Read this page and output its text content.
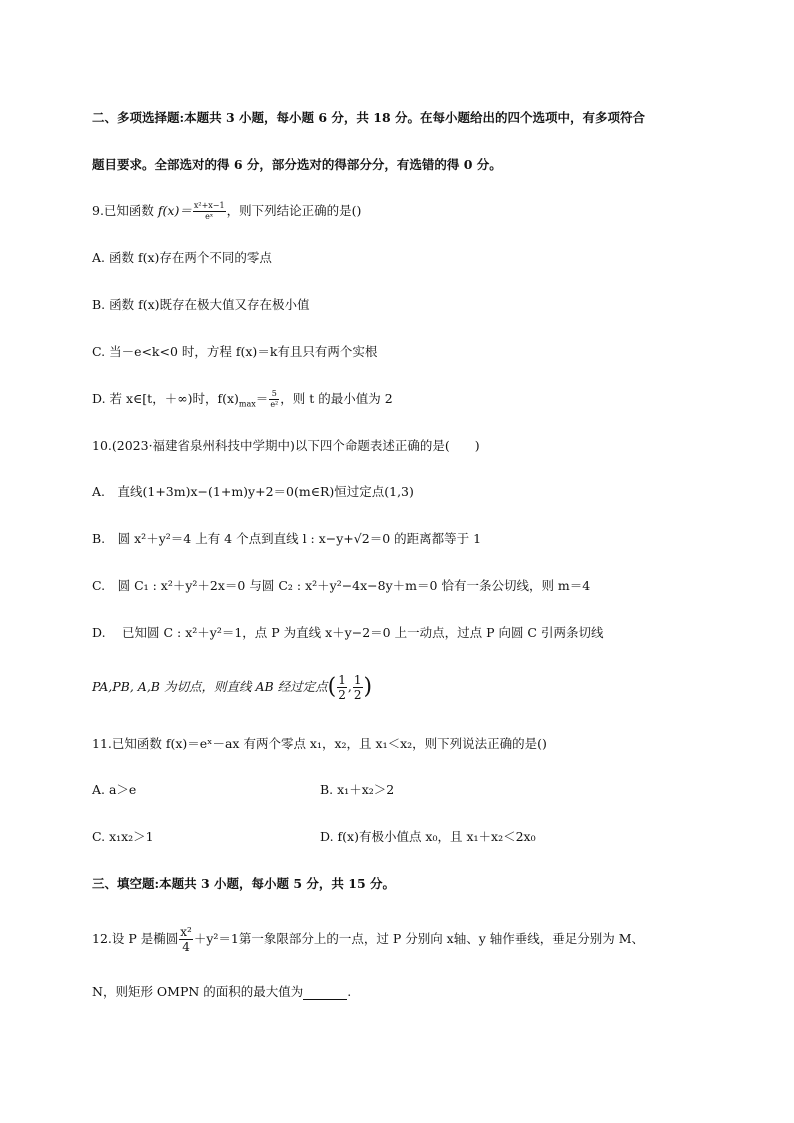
二、多项选择题:本题共 3 小题，每小题 6 分，共 18 分。在每小题给出的四个选项中，有多项符合
题目要求。全部选对的得 6 分，部分选对的得部分分，有选错的得 0 分。
9.已知函数 $f(x)= \frac{\text{x²+x−1}}{\text{eˣ}}$ ，则下列结论正确的是()
A. 函数 f(x)存在两个不同的零点
B. 函数 f(x)既存在极大值又存在极小值
C. 当－e<k<0 时，方程 f(x)＝k有且只有两个实根
D. 若 x∈[t，＋∞)时，$f(x)_{max}= \frac{5}{\text{e²}}$ ，则 t 的最小值为 2
10.(2023·福建省泉州科技中学期中)以下四个命题表述正确的是(　　)
A.　直线(1+3m)x−(1+m)y+2＝0(m∈R)恒过定点(1,3)
B.　圆 x²＋y²＝4 上有 4 个点到直线 l : x−y+√2＝0 的距离都等于 1
C.　圆 C₁ : x²＋y²＋2x＝0 与圆 C₂ : x²＋y²−4x−8y＋m＝0 恰有一条公切线，则 m＝4
D.　 已知圆 C : x²＋y²＝1，点 P 为直线 x＋y−2＝0 上一动点，过点 P 向圆 C 引两条切线
PA,PB, A,B 为切点，则直线 AB 经过定点( $\frac{1}{2}$ , $\frac{1}{2}$ )
11.已知函数 f(x)＝eˣ－ax 有两个零点 x₁，x₂，且 x₁＜x₂，则下列说法正确的是()
A. a＞e	B. x₁＋x₂＞2
C. x₁x₂＞1	D. f(x)有极小值点 x₀，且 x₁＋x₂＜2x₀
三、填空题:本题共 3 小题，每小题 5 分，共 15 分。
12.设 P 是椭圆 $\frac{\text{x²}}{4} +y^2=1$第一象限部分上的一点，过 P 分别向 x轴、y 轴作垂线，垂足分别为 M、
N，则矩形 OMPN 的面积的最大值为	.
